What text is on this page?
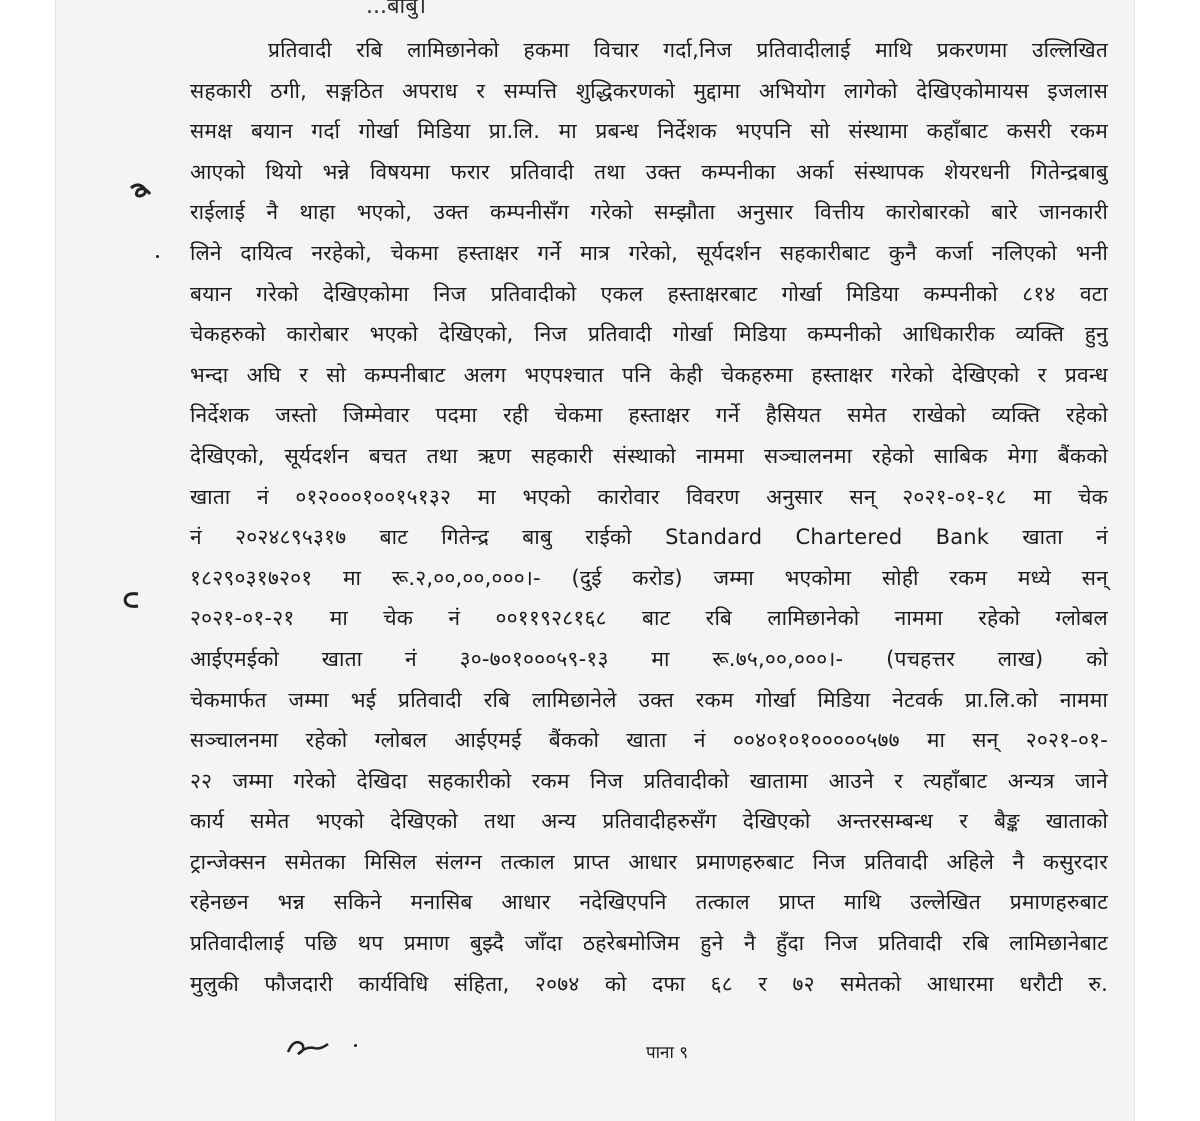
...बाबु।
पाना ९
प्रतिवादी रबि लामिछानेको हकमा विचार गर्दा,निज प्रतिवादीलाई माथि प्रकरणमा उल्लिखित
सहकारी ठगी, सङ्गठित अपराध र सम्पत्ति शुद्धिकरणको मुद्दामा अभियोग लागेको देखिएकोमायस इजलास
समक्ष बयान गर्दा गोर्खा मिडिया प्रा.लि. मा प्रबन्ध निर्देशक भएपनि सो संस्थामा कहाँबाट कसरी रकम
आएको थियो भन्ने विषयमा फरार प्रतिवादी तथा उक्त कम्पनीका अर्का संस्थापक शेयरधनी गितेन्द्रबाबु
राईलाई नै थाहा भएको, उक्त कम्पनीसँग गरेको सम्झौता अनुसार वित्तीय कारोबारको बारे जानकारी
लिने दायित्व नरहेको, चेकमा हस्ताक्षर गर्ने मात्र गरेको, सूर्यदर्शन सहकारीबाट कुनै कर्जा नलिएको भनी
बयान गरेको देखिएकोमा निज प्रतिवादीको एकल हस्ताक्षरबाट गोर्खा मिडिया कम्पनीको ८१४ वटा
चेकहरुको कारोबार भएको देखिएको, निज प्रतिवादी गोर्खा मिडिया कम्पनीको आधिकारीक व्यक्ति हुनु
भन्दा अघि र सो कम्पनीबाट अलग भएपश्चात पनि केही चेकहरुमा हस्ताक्षर गरेको देखिएको र प्रवन्ध
निर्देशक जस्तो जिम्मेवार पदमा रही चेकमा हस्ताक्षर गर्ने हैसियत समेत राखेको व्यक्ति रहेको
देखिएको, सूर्यदर्शन बचत तथा ऋण सहकारी संस्थाको नाममा सञ्चालनमा रहेको साबिक मेगा बैंकको
खाता नं ०१२०००१००१५१३२ मा भएको कारोवार विवरण अनुसार सन् २०२१-०१-१८ मा चेक
नं २०२४८९५३१७ बाट गितेन्द्र बाबु राईको Standard Chartered Bank खाता नं
१८२९०३१७२०१ मा रू.२,००,००,०००।- (दुई करोड) जम्मा भएकोमा सोही रकम मध्ये सन्
२०२१-०१-२१ मा चेक नं ००११९२८१६८ बाट रबि लामिछानेको नाममा रहेको ग्लोबल
आईएमईको खाता नं ३०-७०१०००५९-१३ मा रू.७५,००,०००।- (पचहत्तर लाख) को
चेकमार्फत जम्मा भई प्रतिवादी रबि लामिछानेले उक्त रकम गोर्खा मिडिया नेटवर्क प्रा.लि.को नाममा
सञ्चालनमा रहेको ग्लोबल आईएमई बैंकको खाता नं ००४०१०१०००००५७७ मा सन् २०२१-०१-
२२ जम्मा गरेको देखिदा सहकारीको रकम निज प्रतिवादीको खातामा आउने र त्यहाँबाट अन्यत्र जाने
कार्य समेत भएको देखिएको तथा अन्य प्रतिवादीहरुसँग देखिएको अन्तरसम्बन्ध र बैङ्क खाताको
ट्रान्जेक्सन समेतका मिसिल संलग्न तत्काल प्राप्त आधार प्रमाणहरुबाट निज प्रतिवादी अहिले नै कसुरदार
रहेनछन भन्न सकिने मनासिब आधार नदेखिएपनि तत्काल प्राप्त माथि उल्लेखित प्रमाणहरुबाट
प्रतिवादीलाई पछि थप प्रमाण बुझ्दै जाँदा ठहरेबमोजिम हुने नै हुँदा निज प्रतिवादी रबि लामिछानेबाट
मुलुकी फौजदारी कार्यविधि संहिता, २०७४ को दफा ६८ र ७२ समेतको आधारमा धरौटी रु.
